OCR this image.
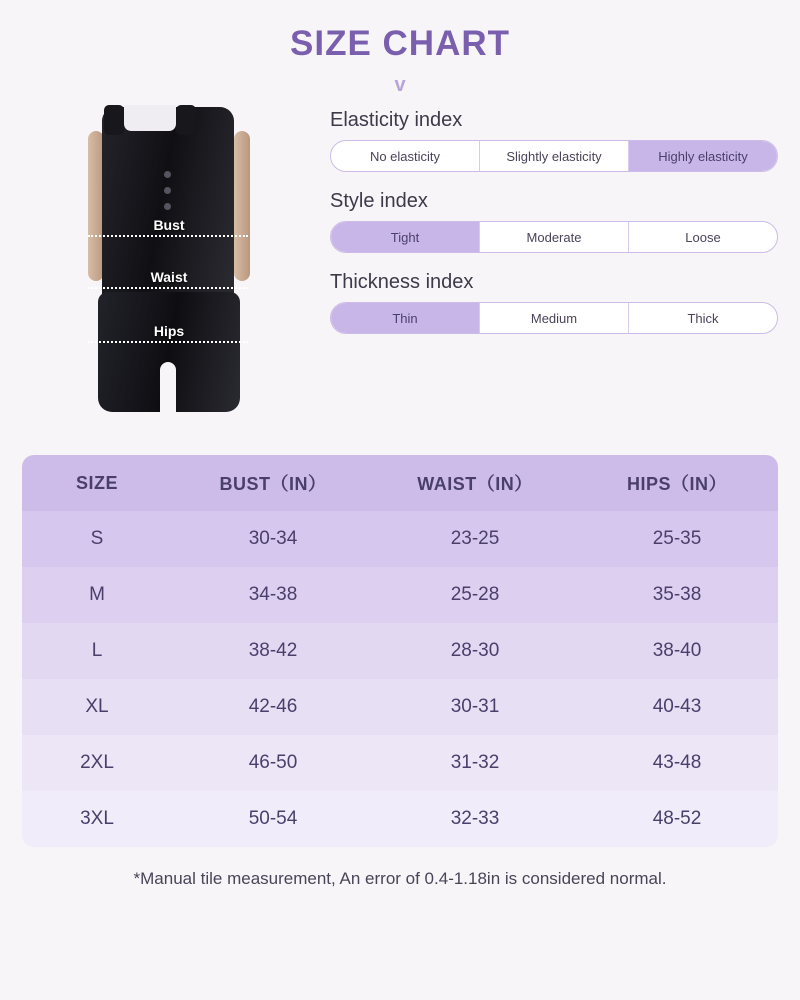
SIZE CHART
v
Bust
Waist
Hips
Elasticity index
No elasticity	Slightly elasticity	Highly elasticity
Style index
Tight	Moderate	Loose
Thickness index
Thin	Medium	Thick
SIZE	BUST（IN）	WAIST（IN）	HIPS（IN）
S	30-34	23-25	25-35
M	34-38	25-28	35-38
L	38-42	28-30	38-40
XL	42-46	30-31	40-43
2XL	46-50	31-32	43-48
3XL	50-54	32-33	48-52
*Manual tile measurement, An error of 0.4-1.18in is considered normal.
